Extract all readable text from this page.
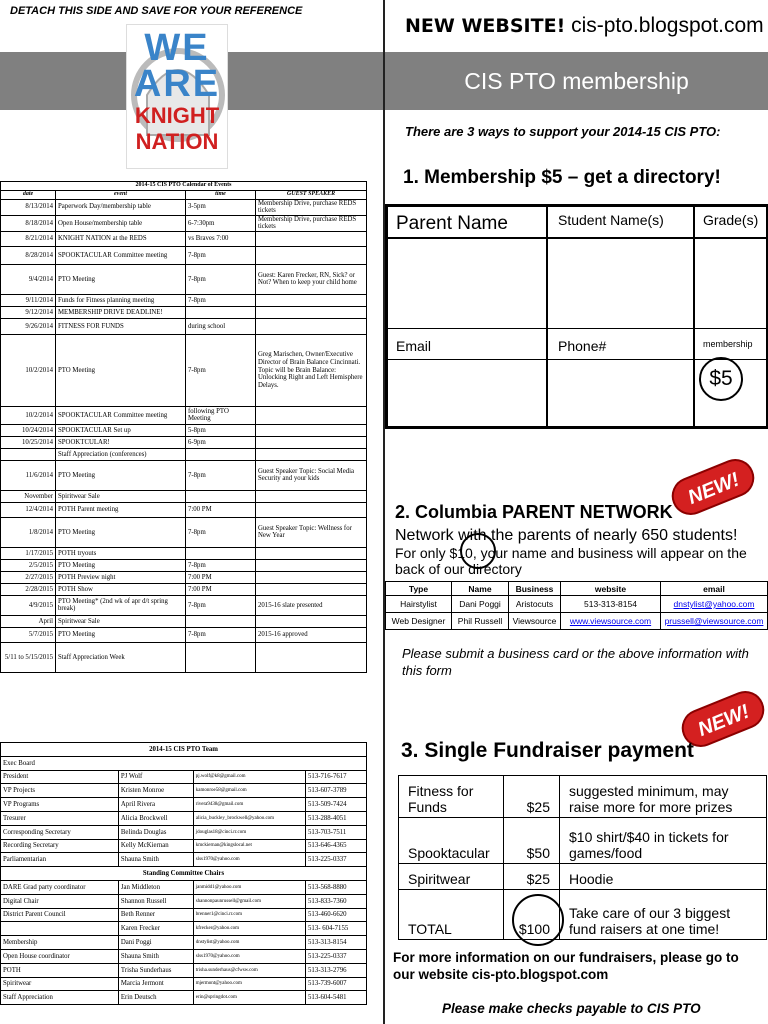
DETACH THIS SIDE AND SAVE FOR YOUR REFERENCE
WE
ARE
KNIGHT
NATION
2014-15 CIS PTO Calendar of Events			
date	event	time	GUEST SPEAKER
8/13/2014	Paperwork Day/membership table	3-5pm	Membership Drive, purchase REDS tickets
8/18/2014	Open House/membership table	6-7:30pm	Membership Drive, purchase REDS tickets
8/21/2014	KNIGHT NATION at the REDS	vs Braves 7:00	
8/28/2014	SPOOKTACULAR Committee meeting	7-8pm	
9/4/2014	PTO Meeting	7-8pm	Guest: Karen Frecker, RN, Sick? or Not? When to keep your child home
9/11/2014	Funds for Fitness planning meeting	7-8pm	
9/12/2014	MEMBERSHIP DRIVE DEADLINE!		
9/26/2014	FITNESS FOR FUNDS	during school	
10/2/2014	PTO Meeting	7-8pm	Greg Marischen, Owner/Executive Director of Brain Balance Cincinnati. Topic will be Brain Balance: Unlocking Right and Left Hemisphere Delays.
10/2/2014	SPOOKTACULAR Committee meeting	following PTO Meeting	
10/24/2014	SPOOKTACULAR Set up	5-8pm	
10/25/2014	SPOOKTCULAR!	6-9pm	
	Staff Appreciation (conferences)		
11/6/2014	PTO Meeting	7-8pm	Guest Speaker Topic: Social Media Security and your kids
November	Spiritwear Sale		
12/4/2014	POTH Parent meeting	7:00 PM	
1/8/2014	PTO Meeting	7-8pm	Guest Speaker Topic: Wellness for New Year
1/17/2015	POTH tryouts		
2/5/2015	PTO Meeting	7-8pm	
2/27/2015	POTH Preview night	7:00 PM	
2/28/2015	POTH Show	7:00 PM	
4/9/2015	PTO Meeting* (2nd wk of apr d/t spring break)	7-8pm	2015-16 slate presented
April	Spiritwear Sale		
5/7/2015	PTO Meeting	7-8pm	2015-16 approved
5/11 to 5/15/2015	Staff Appreciation Week		
2014-15 CIS PTO Team			
Exec Board			
President	PJ Wolf	pj.wolf@k8@gmail.com	513-716-7617
VP Projects	Kristen Monroe	kamonroe58@gmail.com	513-607-3789
VP Programs	April Rivera	rivera9438@gmail.com	513-509-7424
Tresurer	Alicia Brockwell	alicia_buckley_brockwell@yahoo.com	513-288-4051
Corresponding Secretary	Belinda Douglas	jdouglas18@cinci.rr.com	513-703-7511
Recording Secretary	Kelly McKiernan	kmckiernan@kingslocal.net	513-646-4365
Parliamentarian	Shauna Smith	slss1970@yahoo.com	513-225-0337
Standing Committee Chairs			
DARE Grad party coordinator	Jan Middleton	janmidd1@yahoo.com	513-568-8880
Digital Chair	Shannon Russell	shannonpaunrussell@gmail.com	513-833-7360
District Parent Council	Beth Renner	brenner1@cinci.rr.com	513-460-6620
	Karen Frecker	kfrecker@yahoo.com	513- 604-7155
Membership	Dani Poggi	dnstylist@yahoo.com	513-313-8154
Open House coordinator	Shauna Smith	slss1970@yahoo.com	513-225-0337
POTH	Trisha Sunderhaus	trisha.sunderhaus@cfwsw.com	513-313-2796
Spiritwear	Marcia Jermont	mjermont@yahoo.com	513-739-6007
Staff Appreciation	Erin Deutsch	erin@springdot.com	513-604-5481
NEW WEBSITE! cis-pto.blogspot.com
CIS PTO membership
There are 3 ways to support your 2014-15 CIS PTO:
1. Membership $5 – get a directory!
Parent Name	Student Name(s)	Grade(s)
Email	Phone#	membership
$5
NEW!
2. Columbia PARENT NETWORK
Network with the parents of nearly 650 students!
For only $10, your name and business will appear on the back of our directory
Type	Name	Business	website	email
Hairstylist	Dani Poggi	Aristocuts	513-313-8154	dnstylist@yahoo.com
Web Designer	Phil Russell	Viewsource	www.viewsource.com	prussell@viewsource.com
Please submit a business card or the above information with this form
NEW!
3. Single Fundraiser payment
Fitness for Funds	$25	suggested minimum, may raise more for more prizes
Spooktacular	$50	$10 shirt/$40 in tickets for games/food
Spiritwear	$25	Hoodie
TOTAL	$100	Take care of our 3 biggest fund raisers at one time!
For more information on our fundraisers, please go to our website cis-pto.blogspot.com
Please make checks payable to CIS PTO
